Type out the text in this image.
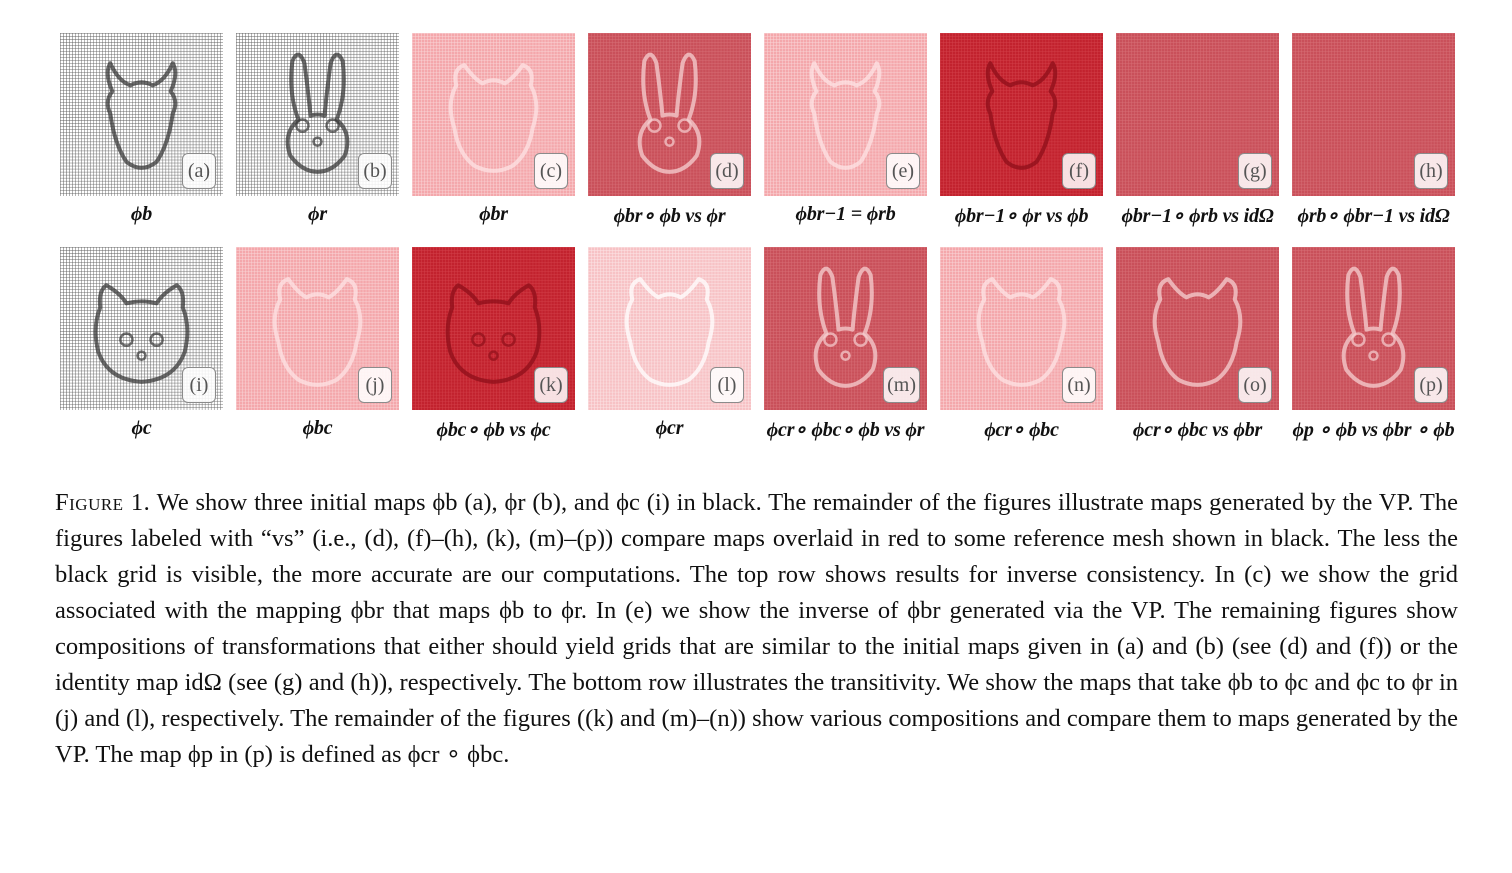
(a)
ϕb
(b)
ϕr
(c)
ϕbr
(d)
ϕbr∘ ϕb vs ϕr
(e)
ϕbr−1 = ϕrb
(f)
ϕbr−1∘ ϕr vs ϕb
(g)
ϕbr−1∘ ϕrb vs idΩ
(h)
ϕrb∘ ϕbr−1 vs idΩ
(i)
ϕc
(j)
ϕbc
(k)
ϕbc∘ ϕb vs ϕc
(l)
ϕcr
(m)
ϕcr∘ ϕbc∘ ϕb vs ϕr
(n)
ϕcr∘ ϕbc
(o)
ϕcr∘ ϕbc vs ϕbr
(p)
ϕp ∘ ϕb vs ϕbr ∘ ϕb

Figure 1. We show three initial maps ϕb (a), ϕr (b), and ϕc (i) in black. The remainder of the figures illustrate maps generated by the VP. The figures labeled with “vs” (i.e., (d), (f)–(h), (k), (m)–(p)) compare maps overlaid in red to some reference mesh shown in black. The less the black grid is visible, the more accurate are our computations. The top row shows results for inverse consistency. In (c) we show the grid associated with the mapping ϕbr that maps ϕb to ϕr. In (e) we show the inverse of ϕbr generated via the VP. The remaining figures show compositions of transformations that either should yield grids that are similar to the initial maps given in (a) and (b) (see (d) and (f)) or the identity map idΩ (see (g) and (h)), respectively. The bottom row illustrates the transitivity. We show the maps that take ϕb to ϕc and ϕc to ϕr in (j) and (l), respectively. The remainder of the figures ((k) and (m)–(n)) show various compositions and compare them to maps generated by the VP. The map ϕp in (p) is defined as ϕcr ∘ ϕbc.
